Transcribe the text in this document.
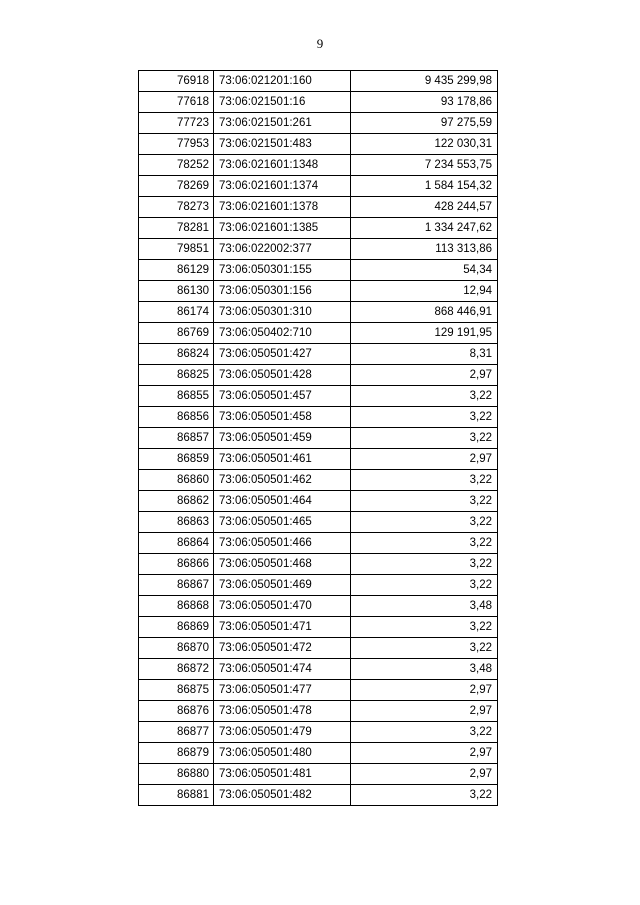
9
76918	73:06:021201:160	9 435 299,98
77618	73:06:021501:16	93 178,86
77723	73:06:021501:261	97 275,59
77953	73:06:021501:483	122 030,31
78252	73:06:021601:1348	7 234 553,75
78269	73:06:021601:1374	1 584 154,32
78273	73:06:021601:1378	428 244,57
78281	73:06:021601:1385	1 334 247,62
79851	73:06:022002:377	113 313,86
86129	73:06:050301:155	54,34
86130	73:06:050301:156	12,94
86174	73:06:050301:310	868 446,91
86769	73:06:050402:710	129 191,95
86824	73:06:050501:427	8,31
86825	73:06:050501:428	2,97
86855	73:06:050501:457	3,22
86856	73:06:050501:458	3,22
86857	73:06:050501:459	3,22
86859	73:06:050501:461	2,97
86860	73:06:050501:462	3,22
86862	73:06:050501:464	3,22
86863	73:06:050501:465	3,22
86864	73:06:050501:466	3,22
86866	73:06:050501:468	3,22
86867	73:06:050501:469	3,22
86868	73:06:050501:470	3,48
86869	73:06:050501:471	3,22
86870	73:06:050501:472	3,22
86872	73:06:050501:474	3,48
86875	73:06:050501:477	2,97
86876	73:06:050501:478	2,97
86877	73:06:050501:479	3,22
86879	73:06:050501:480	2,97
86880	73:06:050501:481	2,97
86881	73:06:050501:482	3,22
